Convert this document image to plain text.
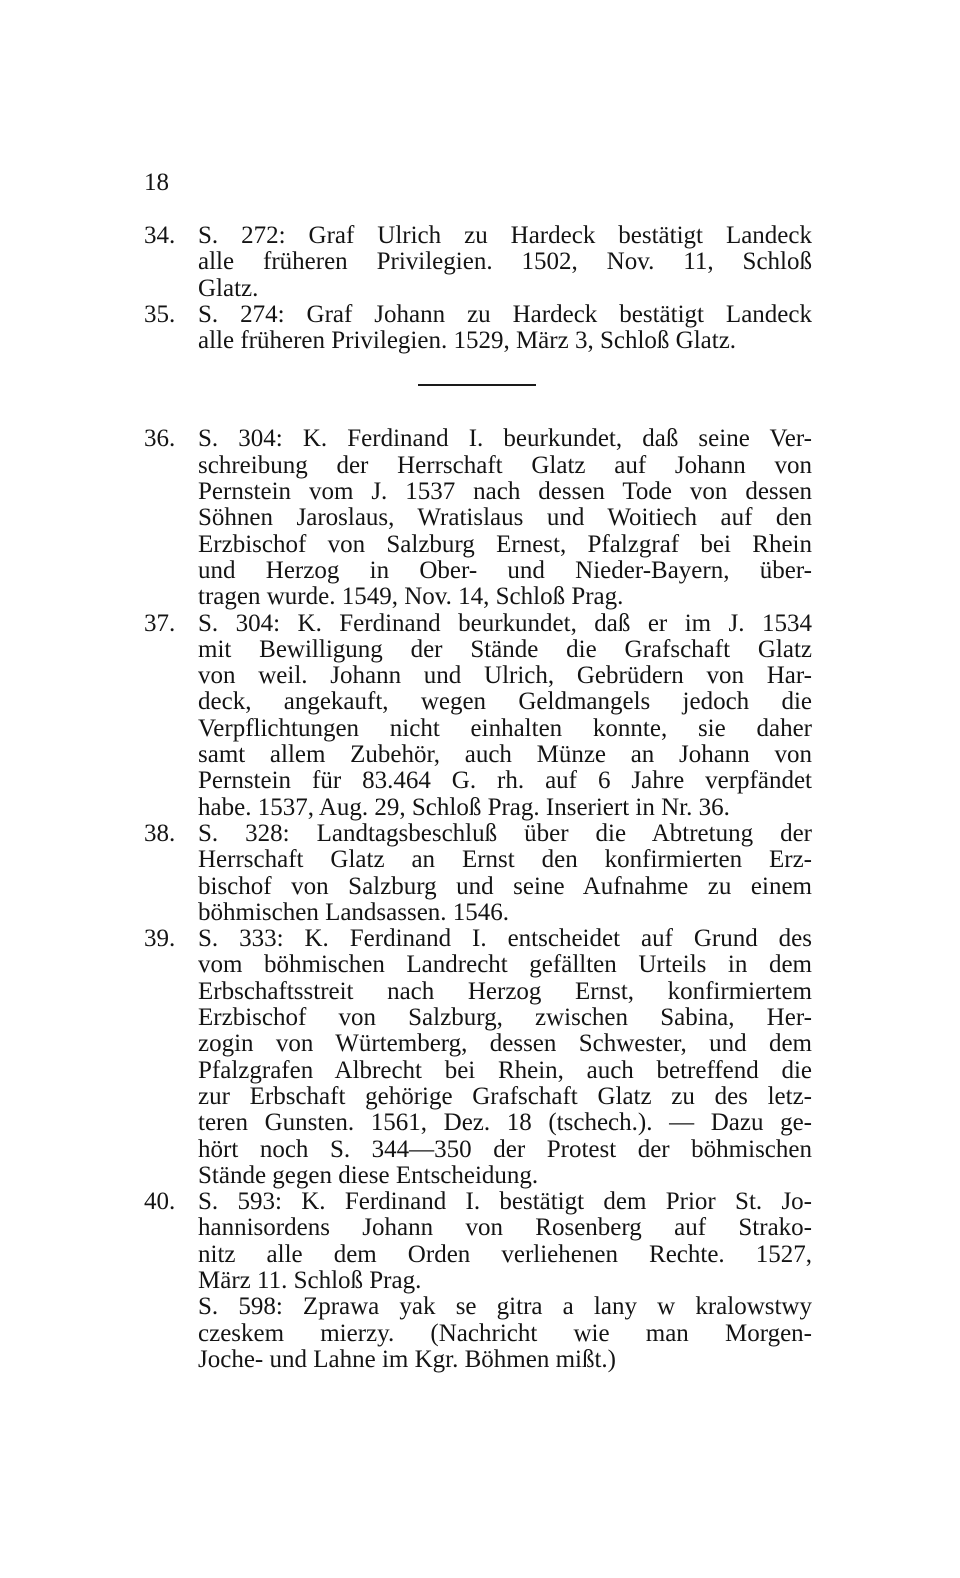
18
34. S. 272: Graf Ulrich zu Hardeck bestätigt Landeck
alle früheren Privilegien. 1502, Nov. 11, Schloß
Glatz.
35. S. 274: Graf Johann zu Hardeck bestätigt Landeck
alle früheren Privilegien. 1529, März 3, Schloß Glatz.
36. S. 304: K. Ferdinand I. beurkundet, daß seine Ver-
schreibung der Herrschaft Glatz auf Johann von
Pernstein vom J. 1537 nach dessen Tode von dessen
Söhnen Jaroslaus, Wratislaus und Woitiech auf den
Erzbischof von Salzburg Ernest, Pfalzgraf bei Rhein
und Herzog in Ober- und Nieder-Bayern, über-
tragen wurde. 1549, Nov. 14, Schloß Prag.
37. S. 304: K. Ferdinand beurkundet, daß er im J. 1534
mit Bewilligung der Stände die Grafschaft Glatz
von weil. Johann und Ulrich, Gebrüdern von Har-
deck, angekauft, wegen Geldmangels jedoch die
Verpflichtungen nicht einhalten konnte, sie daher
samt allem Zubehör, auch Münze an Johann von
Pernstein für 83.464 G. rh. auf 6 Jahre verpfändet
habe. 1537, Aug. 29, Schloß Prag. Inseriert in Nr. 36.
38. S. 328: Landtagsbeschluß über die Abtretung der
Herrschaft Glatz an Ernst den konfirmierten Erz-
bischof von Salzburg und seine Aufnahme zu einem
böhmischen Landsassen. 1546.
39. S. 333: K. Ferdinand I. entscheidet auf Grund des
vom böhmischen Landrecht gefällten Urteils in dem
Erbschaftsstreit nach Herzog Ernst, konfirmiertem
Erzbischof von Salzburg, zwischen Sabina, Her-
zogin von Würtemberg, dessen Schwester, und dem
Pfalzgrafen Albrecht bei Rhein, auch betreffend die
zur Erbschaft gehörige Grafschaft Glatz zu des letz-
teren Gunsten. 1561, Dez. 18 (tschech.). — Dazu ge-
hört noch S. 344—350 der Protest der böhmischen
Stände gegen diese Entscheidung.
40. S. 593: K. Ferdinand I. bestätigt dem Prior St. Jo-
hannisordens Johann von Rosenberg auf Strako-
nitz alle dem Orden verliehenen Rechte. 1527,
März 11. Schloß Prag.
S. 598: Zprawa yak se gitra a lany w kralowstwy
czeskem mierzy. (Nachricht wie man Morgen-
Joche- und Lahne im Kgr. Böhmen mißt.)
